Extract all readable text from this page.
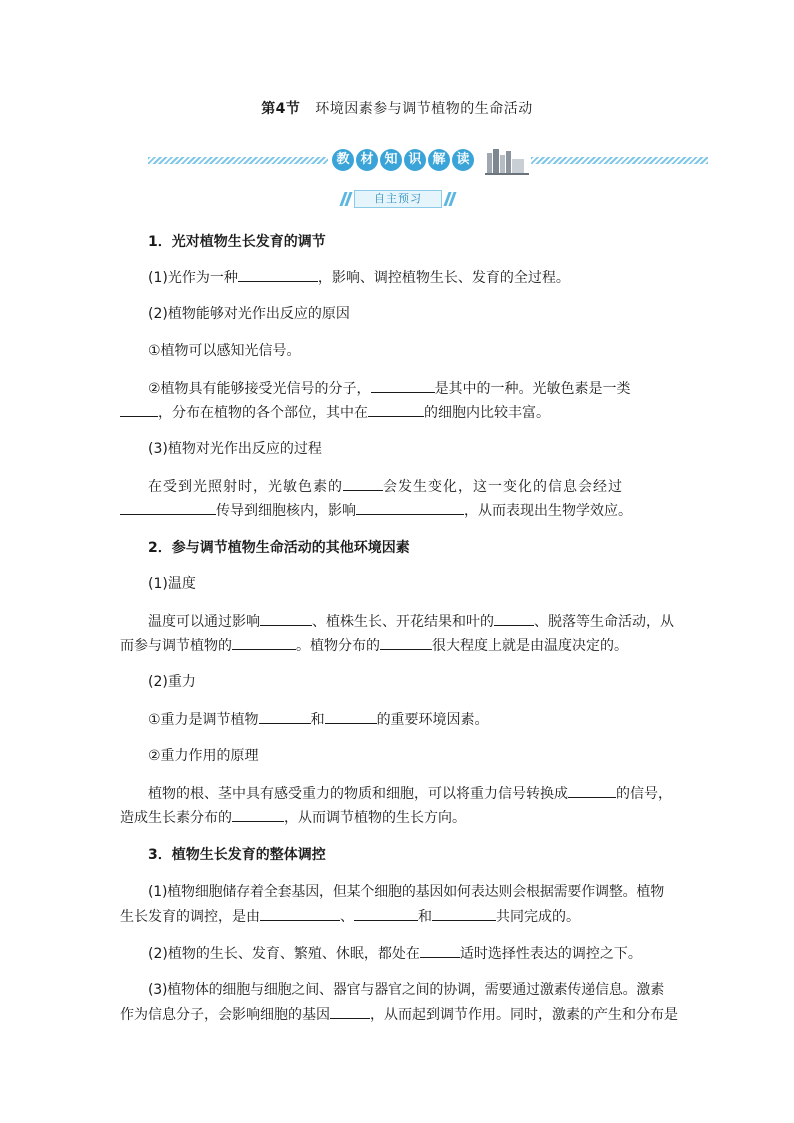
第4节 环境因素参与调节植物的生命活动
教 材 知 识 解 读
自主预习
1．光对植物生长发育的调节
(1)光作为一种	，影响、调控植物生长、发育的全过程。
(2)植物能够对光作出反应的原因
①植物可以感知光信号。
②植物具有能够接受光信号的分子，	是其中的一种。光敏色素是一类
，分布在植物的各个部位，其中在	的细胞内比较丰富。
(3)植物对光作出反应的过程
在受到光照射时，光敏色素的	会发生变化，这一变化的信息会经过
传导到细胞核内，影响	，从而表现出生物学效应。
2．参与调节植物生命活动的其他环境因素
(1)温度
温度可以通过影响	、植株生长、开花结果和叶的	、脱落等生命活动，从
而参与调节植物的	。植物分布的	很大程度上就是由温度决定的。
(2)重力
①重力是调节植物	和	的重要环境因素。
②重力作用的原理
植物的根、茎中具有感受重力的物质和细胞，可以将重力信号转换成	的信号，
造成生长素分布的	，从而调节植物的生长方向。
3．植物生长发育的整体调控
(1)植物细胞储存着全套基因，但某个细胞的基因如何表达则会根据需要作调整。植物
生长发育的调控，是由	、	和	共同完成的。
(2)植物的生长、发育、繁殖、休眠，都处在	适时选择性表达的调控之下。
(3)植物体的细胞与细胞之间、器官与器官之间的协调，需要通过激素传递信息。激素
作为信息分子，会影响细胞的基因	，从而起到调节作用。同时，激素的产生和分布是
